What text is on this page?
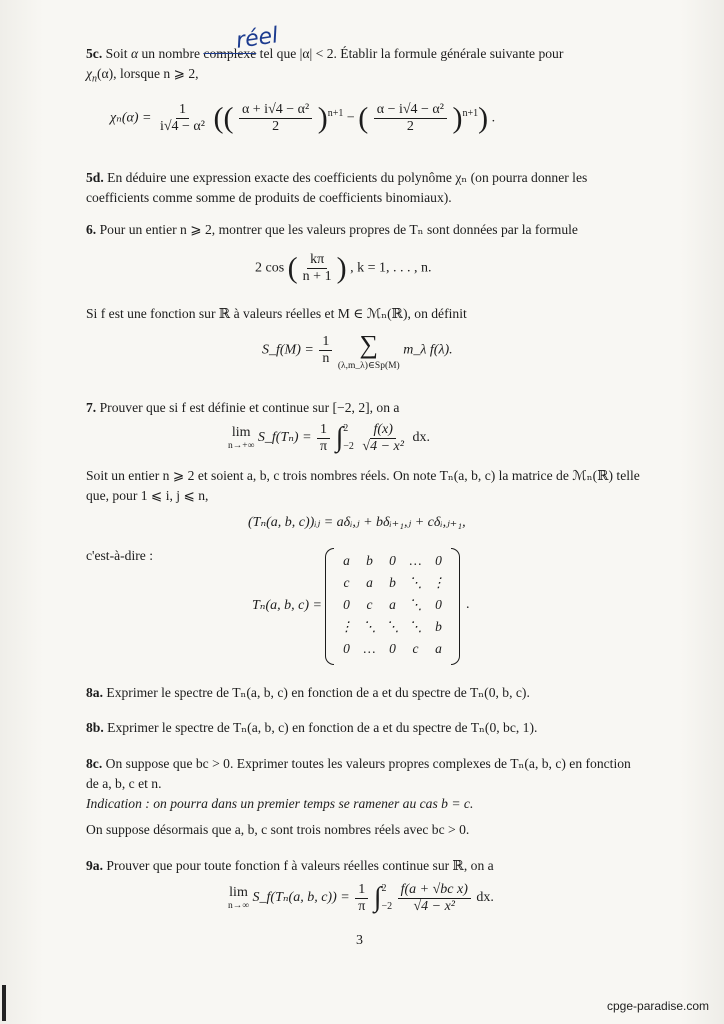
réel
5c. Soit α un nombre complexe tel que |α| < 2. Établir la formule générale suivante pour
$\chi_n(\alpha)$, lorsque n ⩾ 2,
$\chi_n(\alpha) = \frac{1}{\text{i√4 − α²}}$ (( $\frac{\text{α + i√4 − α²}}{2} )^{n+1}$ − ( $\frac{\text{α − i√4 − α²}}{2} )^{n+1}$) .
5d. En déduire une expression exacte des coefficients du polynôme χₙ (on pourra donner les coefficients comme somme de produits de coefficients binomiaux).
6. Pour un entier n ⩾ 2, montrer que les valeurs propres de Tₙ sont données par la formule
2 cos ( $\frac{k\pi}{n + 1}$ ) , k = 1, . . . , n.
Si f est une fonction sur ℝ à valeurs réelles et M ∈ ℳₙ(ℝ), on définit
S_f(M) = $\frac{1}{n}$
∑
(λ,m_λ)∈Sp(M)
m_λ f(λ).
7. Prouver que si f est définie et continue sur [−2, 2], on a
lim
n→+∞
S_f(Tₙ) = $\frac{1}{\pi}$ ∫ 2
−2
$\frac{f(x)}{\text{√4 − x²}}$ dx.
Soit un entier n ⩾ 2 et soient a, b, c trois nombres réels. On note Tₙ(a, b, c) la matrice de ℳₙ(ℝ) telle que, pour 1 ⩽ i, j ⩽ n,
(Tₙ(a, b, c))ᵢⱼ = aδᵢ,ⱼ + bδᵢ₊₁,ⱼ + cδᵢ,ⱼ₊₁,
c'est-à-dire :
Tₙ(a, b, c) =
a	b	0	…	0
c	a	b ⋱ ⋮
0	c	a ⋱ 0
⋮ ⋱ ⋱ ⋱ b
0	…	0	c	a
.
8a. Exprimer le spectre de Tₙ(a, b, c) en fonction de a et du spectre de Tₙ(0, b, c).
8b. Exprimer le spectre de Tₙ(a, b, c) en fonction de a et du spectre de Tₙ(0, bc, 1).
8c. On suppose que bc > 0. Exprimer toutes les valeurs propres complexes de Tₙ(a, b, c) en fonction de a, b, c et n.
Indication : on pourra dans un premier temps se ramener au cas b = c.
On suppose désormais que a, b, c sont trois nombres réels avec bc > 0.
9a. Prouver que pour toute fonction f à valeurs réelles continue sur ℝ, on a
lim
n→∞
S_f(Tₙ(a, b, $c)) = \frac{1}{\pi}$ ∫ 2
−2
$\frac{\text{f(a + √bc x)}}{\text{√4 − x²}}$ dx.
3
cpge-paradise.com
